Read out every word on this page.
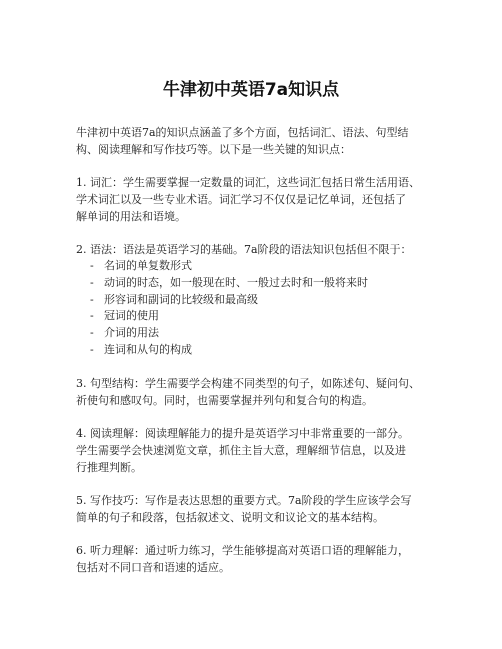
牛津初中英语7a知识点

牛津初中英语7a的知识点涵盖了多个方面，包括词汇、语法、句型结
构、阅读理解和写作技巧等。以下是一些关键的知识点：

1. 词汇：学生需要掌握一定数量的词汇，这些词汇包括日常生活用语、
学术词汇以及一些专业术语。词汇学习不仅仅是记忆单词，还包括了
解单词的用法和语境。

2. 语法：语法是英语学习的基础。7a阶段的语法知识包括但不限于：

- 名词的单复数形式
- 动词的时态，如一般现在时、一般过去时和一般将来时
- 形容词和副词的比较级和最高级
- 冠词的使用
- 介词的用法
- 连词和从句的构成

3. 句型结构：学生需要学会构建不同类型的句子，如陈述句、疑问句、
祈使句和感叹句。同时，也需要掌握并列句和复合句的构造。

4. 阅读理解：阅读理解能力的提升是英语学习中非常重要的一部分。
学生需要学会快速浏览文章，抓住主旨大意，理解细节信息，以及进
行推理判断。

5. 写作技巧：写作是表达思想的重要方式。7a阶段的学生应该学会写
简单的句子和段落，包括叙述文、说明文和议论文的基本结构。

6. 听力理解：通过听力练习，学生能够提高对英语口语的理解能力，
包括对不同口音和语速的适应。
